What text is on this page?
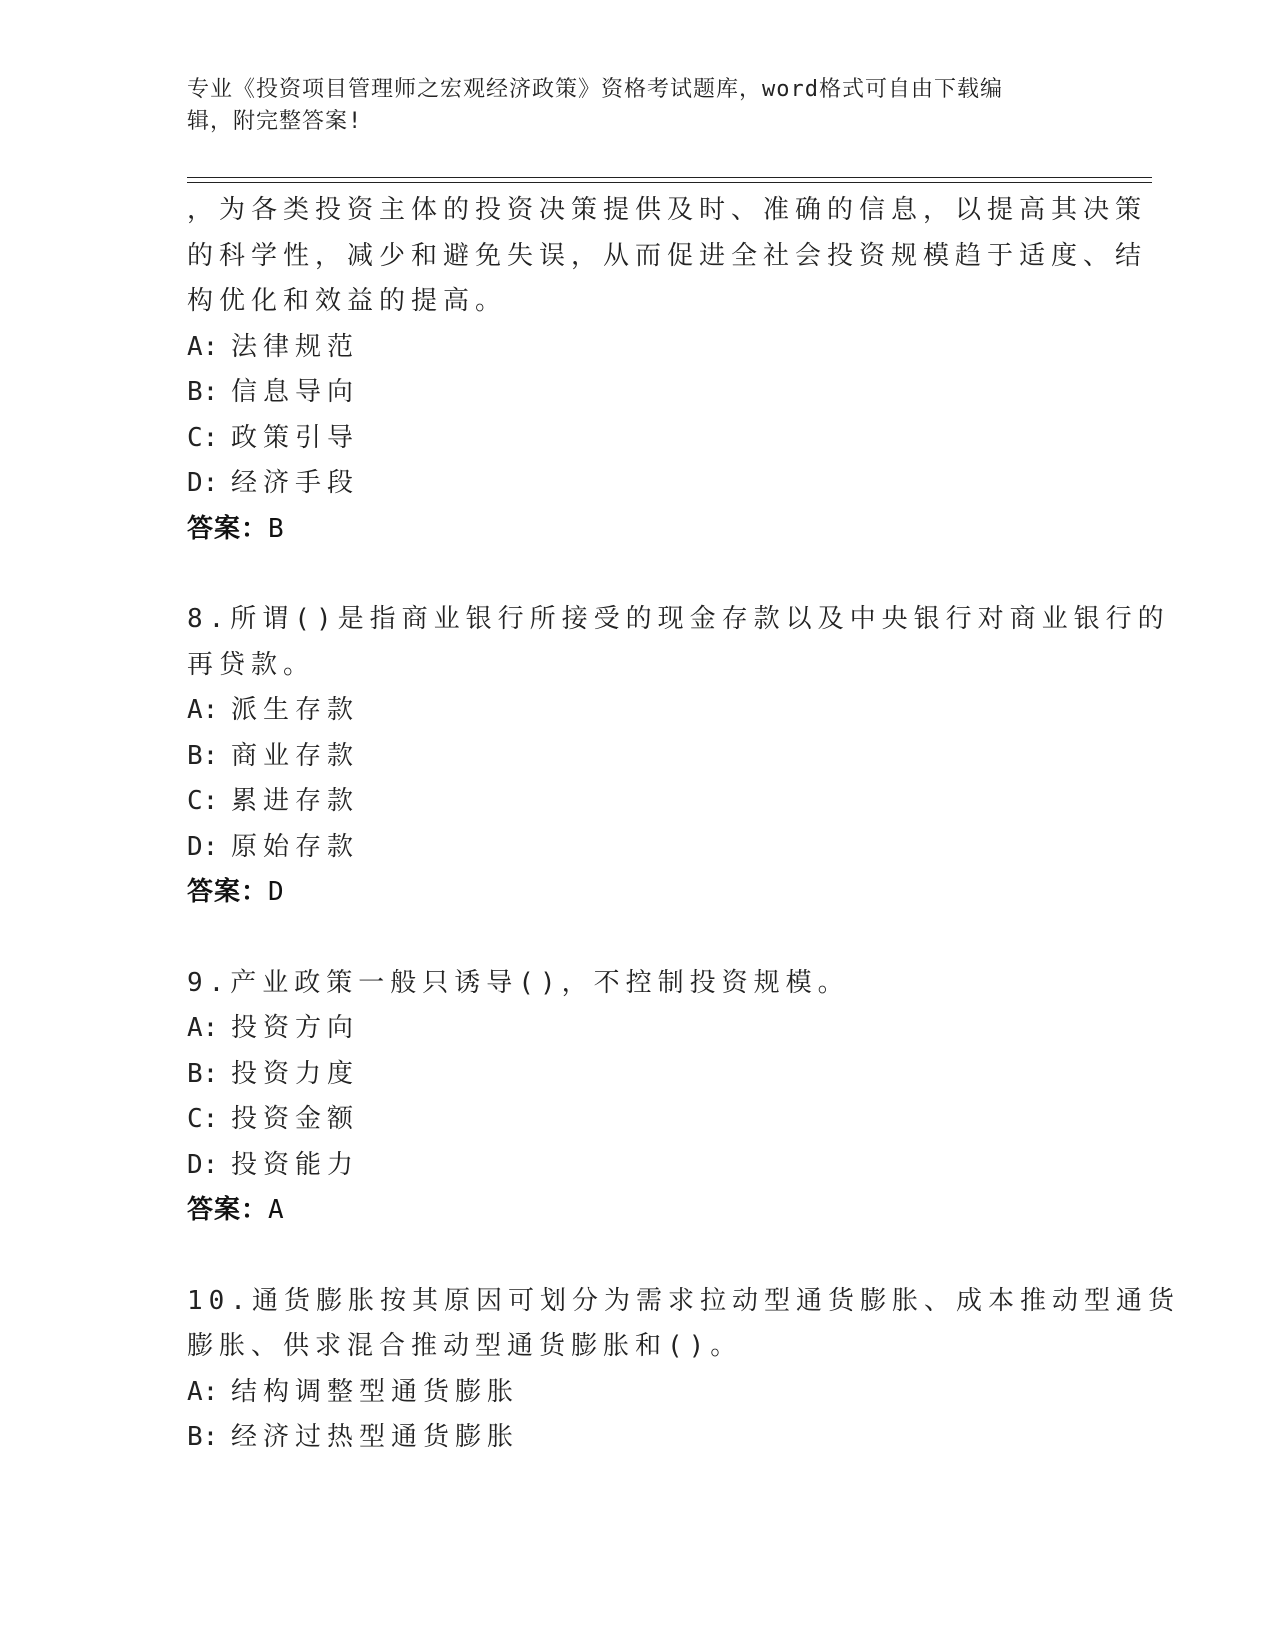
专业《投资项目管理师之宏观经济政策》资格考试题库，word格式可自由下载编
辑，附完整答案!
，为各类投资主体的投资决策提供及时、准确的信息，以提高其决策
的科学性，减少和避免失误，从而促进全社会投资规模趋于适度、结
构优化和效益的提高。
A: 法律规范
B: 信息导向
C: 政策引导
D: 经济手段
答案：B
8.所谓()是指商业银行所接受的现金存款以及中央银行对商业银行的
再贷款。
A: 派生存款
B: 商业存款
C: 累进存款
D: 原始存款
答案：D
9.产业政策一般只诱导()，不控制投资规模。
A: 投资方向
B: 投资力度
C: 投资金额
D: 投资能力
答案：A
10.通货膨胀按其原因可划分为需求拉动型通货膨胀、成本推动型通货
膨胀、供求混合推动型通货膨胀和()。
A: 结构调整型通货膨胀
B: 经济过热型通货膨胀
